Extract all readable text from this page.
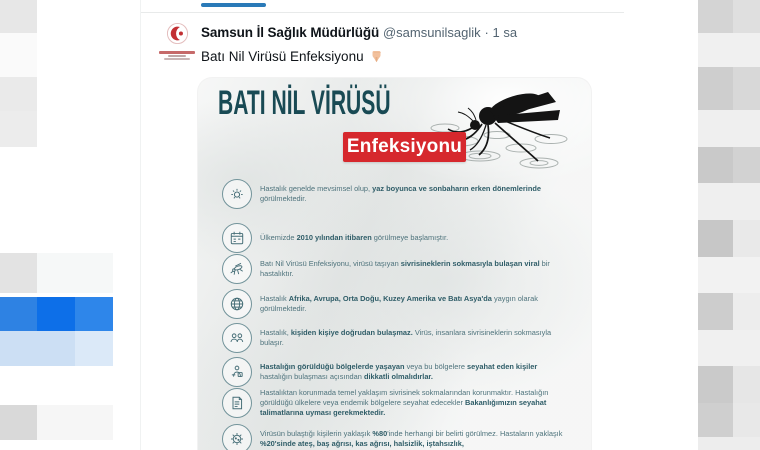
Samsun İl Sağlık Müdürlüğü @samsunilsaglik · 1 sa
Batı Nil Virüsü Enfeksiyonu
BATI NİL VİRÜSÜ
Enfeksiyonu

Hastalık genelde mevsimsel olup, yaz boyunca ve sonbaharın erken dönemlerinde görülmektedir.

Ülkemizde 2010 yılından itibaren görülmeye başlamıştır.

Batı Nil Virüsü Enfeksiyonu, virüsü taşıyan sivrisineklerin sokmasıyla bulaşan viral bir hastalıktır.

Hastalık Afrika, Avrupa, Orta Doğu, Kuzey Amerika ve Batı Asya'da yaygın olarak görülmektedir.

Hastalık, kişiden kişiye doğrudan bulaşmaz. Virüs, insanlara sivrisineklerin sokmasıyla bulaşır.

Hastalığın görüldüğü bölgelerde yaşayan veya bu bölgelere seyahat eden kişiler hastalığın bulaşması açısından dikkatli olmalıdırlar.

Hastalıktan korunmada temel yaklaşım sivrisinek sokmalarından korunmaktır. Hastalığın görüldüğü ülkelere veya endemik bölgelere seyahat edecekler Bakanlığımızın seyahat talimatlarına uyması gerekmektedir.

Virüsün bulaştığı kişilerin yaklaşık %80'inde herhangi bir belirti görülmez. Hastaların yaklaşık %20'sinde ateş, baş ağrısı, kas ağrısı, halsizlik, iştahsızlık,
